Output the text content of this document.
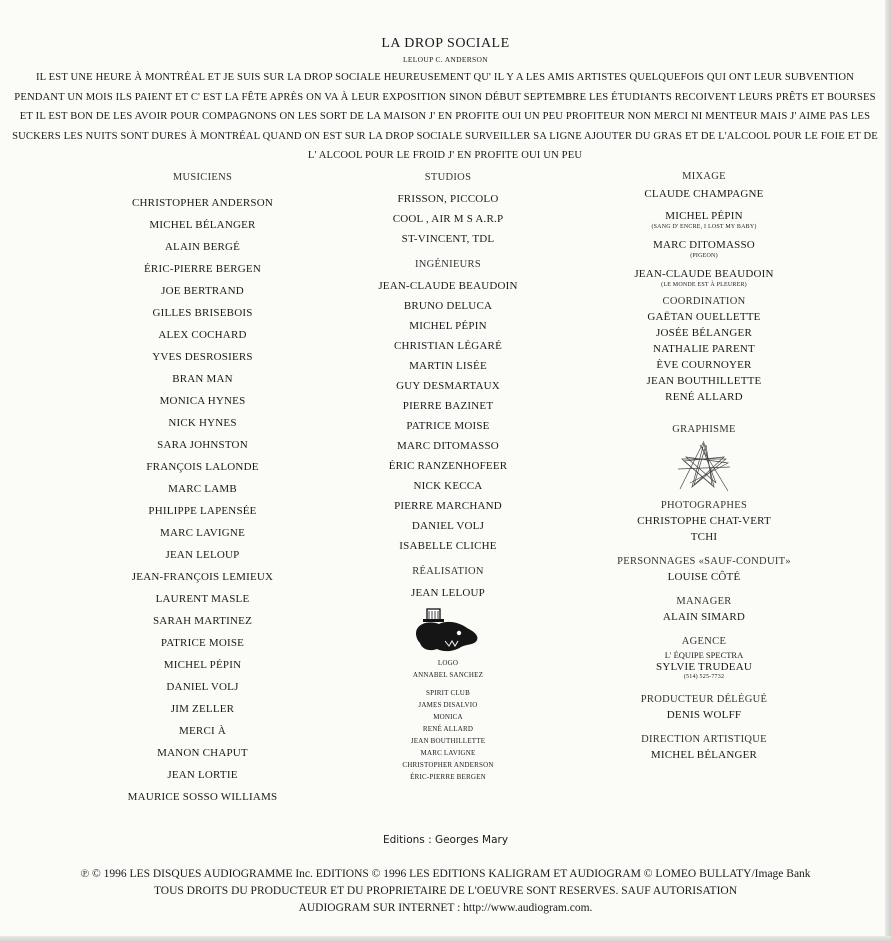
LA DROP SOCIALE
LELOUP C. ANDERSON
IL EST UNE HEURE À MONTRÉAL ET JE SUIS SUR LA DROP SOCIALE HEUREUSEMENT QU' IL Y A LES AMIS ARTISTES QUELQUEFOIS QUI ONT LEUR SUBVENTION PENDANT UN MOIS ILS PAIENT ET C' EST LA FÊTE APRÈS ON VA À LEUR EXPOSITION SINON DÉBUT SEPTEMBRE LES ÉTUDIANTS RECOIVENT LEURS PRÊTS ET BOURSES ET IL EST BON DE LES AVOIR POUR COMPAGNONS ON LES SORT DE LA MAISON J' EN PROFITE OUI UN PEU PROFITEUR NON MERCI NI MENTEUR MAIS J' AIME PAS LES SUCKERS LES NUITS SONT DURES À MONTRÉAL QUAND ON EST SUR LA DROP SOCIALE SURVEILLER SA LIGNE AJOUTER DU GRAS ET DE L'ALCOOL POUR LE FOIE ET DE L' ALCOOL POUR LE FROID J' EN PROFITE OUI UN PEU
MUSICIENS
CHRISTOPHER ANDERSON
MICHEL BÉLANGER
ALAIN BERGÉ
ÉRIC-PIERRE BERGEN
JOE BERTRAND
GILLES BRISEBOIS
ALEX COCHARD
YVES DESROSIERS
BRAN MAN
MONICA HYNES
NICK HYNES
SARA JOHNSTON
FRANÇOIS LALONDE
MARC LAMB
PHILIPPE LAPENSÉE
MARC LAVIGNE
JEAN LELOUP
JEAN-FRANÇOIS LEMIEUX
LAURENT MASLE
SARAH MARTINEZ
PATRICE MOISE
MICHEL PÉPIN
DANIEL VOLJ
JIM ZELLER
MERCI À
MANON CHAPUT
JEAN LORTIE
MAURICE SOSSO WILLIAMS
STUDIOS
FRISSON, PICCOLO
COOL , AIR M S A.R.P
ST-VINCENT, TDL
INGÉNIEURS
JEAN-CLAUDE BEAUDOIN
BRUNO DELUCA
MICHEL PÉPIN
CHRISTIAN LÉGARÉ
MARTIN LISÉE
GUY DESMARTAUX
PIERRE BAZINET
PATRICE MOISE
MARC DITOMASSO
ÉRIC RANZENHOFEER
NICK KECCA
PIERRE MARCHAND
DANIEL VOLJ
ISABELLE CLICHE
RÉALISATION
JEAN LELOUP
LOGO
ANNABEL SANCHEZ
SPIRIT CLUB
JAMES DISALVIO
MONICA
RENÉ ALLARD
JEAN BOUTHILLETTE
MARC LAVIGNE
CHRISTOPHER ANDERSON
ÉRIC-PIERRE BERGEN
MIXAGE
CLAUDE CHAMPAGNE
MICHEL PÉPIN
(SANG D' ENCRE, I LOST MY BABY)
MARC DITOMASSO
(PIGEON)
JEAN-CLAUDE BEAUDOIN
(LE MONDE EST À PLEURER)
COORDINATION
GAËTAN OUELLETTE
JOSÉE BÉLANGER
NATHALIE PARENT
ÈVE COURNOYER
JEAN BOUTHILLETTE
RENÉ ALLARD
GRAPHISME
PHOTOGRAPHES
CHRISTOPHE CHAT-VERT
TCHI
PERSONNAGES «SAUF-CONDUIT»
LOUISE CÔTÉ
MANAGER
ALAIN SIMARD
AGENCE
L' ÉQUIPE SPECTRA
SYLVIE TRUDEAU
(514) 525-7732
PRODUCTEUR DÉLÉGUÉ
DENIS WOLFF
DIRECTION ARTISTIQUE
MICHEL BÉLANGER
Editions : Georges Mary
℗ © 1996 LES DISQUES AUDIOGRAMME Inc. EDITIONS © 1996 LES EDITIONS KALIGRAM ET AUDIOGRAM © LOMEO BULLATY/Image Bank
TOUS DROITS DU PRODUCTEUR ET DU PROPRIETAIRE DE L'OEUVRE SONT RESERVES. SAUF AUTORISATION
AUDIOGRAM SUR INTERNET : http://www.audiogram.com.
